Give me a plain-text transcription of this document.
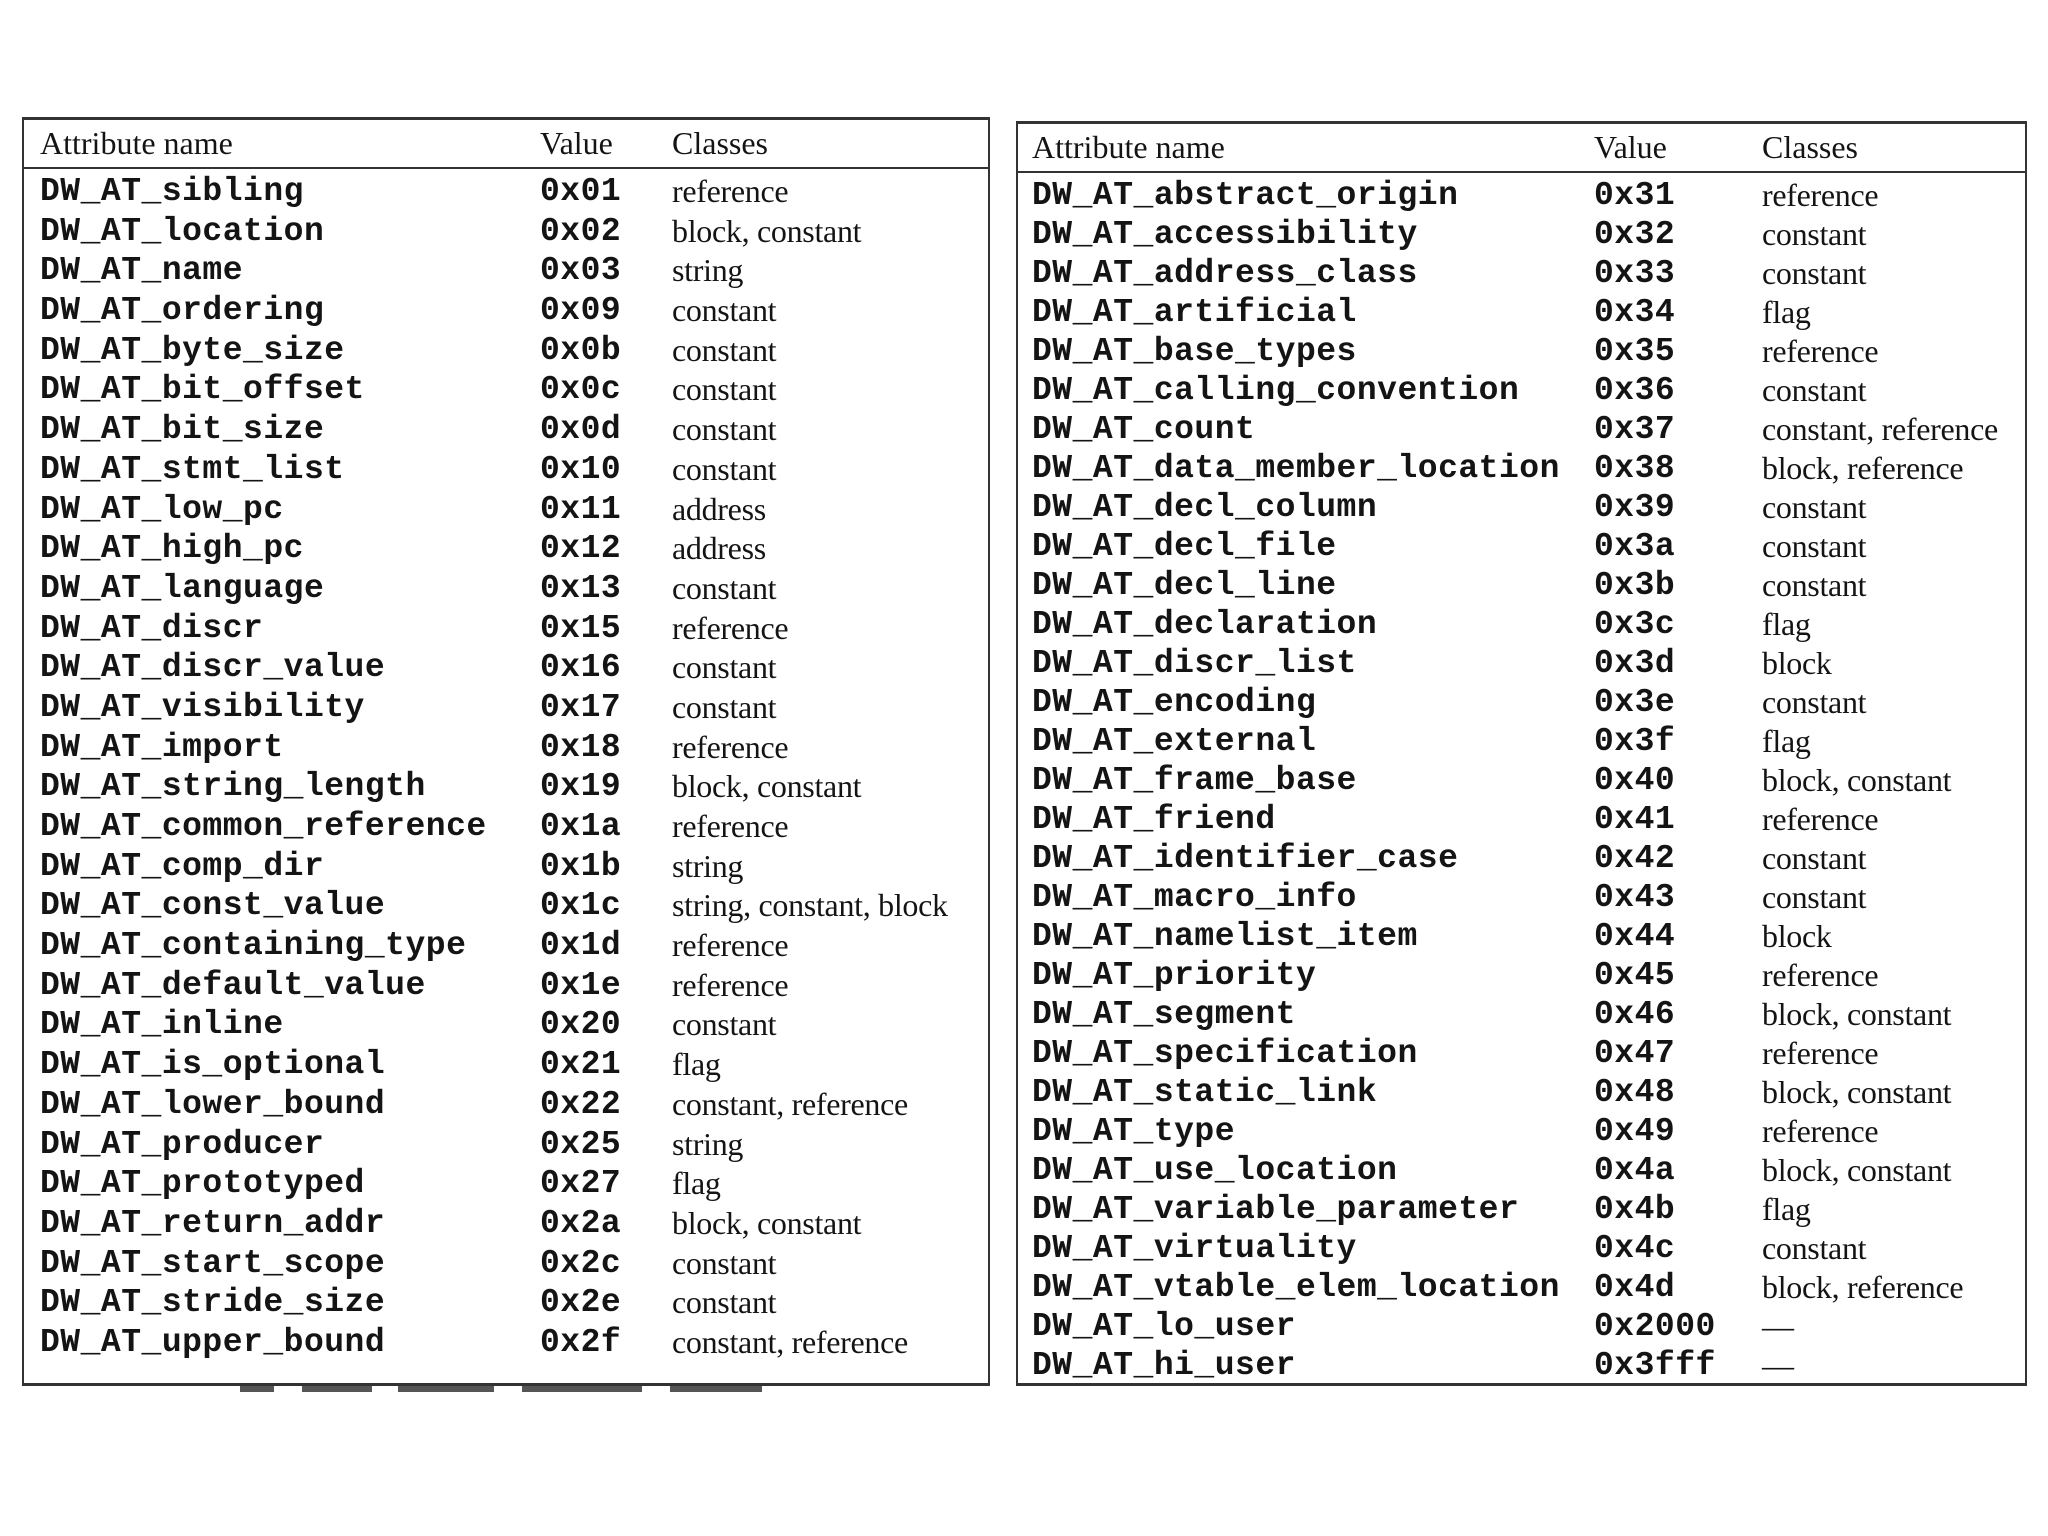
Attribute name	Value Classes
DW_AT_sibling	0x01 reference
DW_AT_location	0x02 block, constant
DW_AT_name	0x03 string
DW_AT_ordering	0x09 constant
DW_AT_byte_size	0x0b constant
DW_AT_bit_offset	0x0c constant
DW_AT_bit_size	0x0d constant
DW_AT_stmt_list	0x10 constant
DW_AT_low_pc	0x11 address
DW_AT_high_pc	0x12 address
DW_AT_language	0x13 constant
DW_AT_discr	0x15 reference
DW_AT_discr_value	0x16 constant
DW_AT_visibility	0x17 constant
DW_AT_import	0x18 reference
DW_AT_string_length	0x19 block, constant
DW_AT_common_reference 0x1a reference
DW_AT_comp_dir	0x1b string
DW_AT_const_value	0x1c string, constant, block
DW_AT_containing_type 0x1d reference
DW_AT_default_value	0x1e reference
DW_AT_inline	0x20 constant
DW_AT_is_optional	0x21 flag
DW_AT_lower_bound	0x22 constant, reference
DW_AT_producer	0x25 string
DW_AT_prototyped	0x27 flag
DW_AT_return_addr	0x2a block, constant
DW_AT_start_scope	0x2c constant
DW_AT_stride_size	0x2e constant
DW_AT_upper_bound	0x2f constant, reference
Attribute name	Value	Classes
DW_AT_abstract_origin	0x31	reference
DW_AT_accessibility	0x32	constant
DW_AT_address_class	0x33	constant
DW_AT_artificial	0x34	flag
DW_AT_base_types	0x35	reference
DW_AT_calling_convention 0x36	constant
DW_AT_count	0x37	constant, reference
DW_AT_data_member_location 0x38	block, reference
DW_AT_decl_column	0x39	constant
DW_AT_decl_file	0x3a	constant
DW_AT_decl_line	0x3b	constant
DW_AT_declaration	0x3c	flag
DW_AT_discr_list	0x3d	block
DW_AT_encoding	0x3e	constant
DW_AT_external	0x3f	flag
DW_AT_frame_base	0x40	block, constant
DW_AT_friend	0x41	reference
DW_AT_identifier_case	0x42	constant
DW_AT_macro_info	0x43	constant
DW_AT_namelist_item	0x44	block
DW_AT_priority	0x45	reference
DW_AT_segment	0x46	block, constant
DW_AT_specification	0x47	reference
DW_AT_static_link	0x48	block, constant
DW_AT_type	0x49	reference
DW_AT_use_location	0x4a	block, constant
DW_AT_variable_parameter 0x4b	flag
DW_AT_virtuality	0x4c	constant
DW_AT_vtable_elem_location 0x4d	block, reference
DW_AT_lo_user	0x2000 —
DW_AT_hi_user	0x3fff —
